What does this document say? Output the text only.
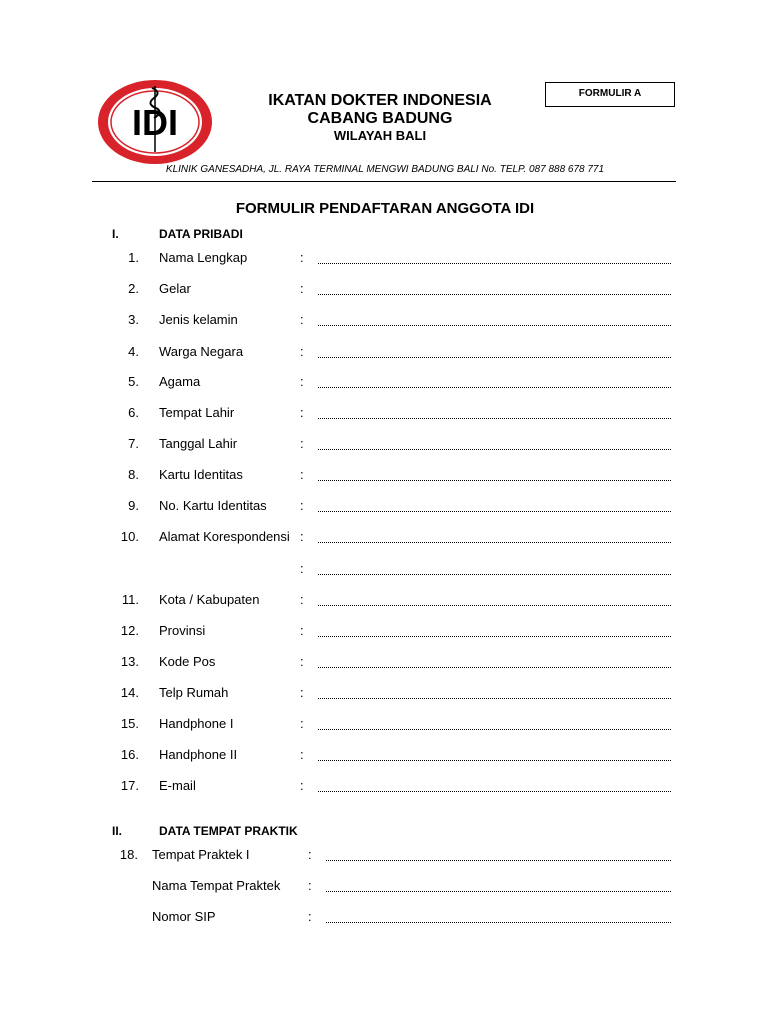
IDI
IKATAN DOKTER INDONESIA
CABANG BADUNG
WILAYAH BALI
FORMULIR A
KLINIK GANESADHA, JL. RAYA TERMINAL MENGWI BADUNG BALI No. TELP. 087 888 678 771
FORMULIR PENDAFTARAN ANGGOTA IDI
I.	DATA PRIBADI
1. Nama Lengkap	:
2. Gelar	:
3. Jenis kelamin	:
4. Warga Negara	:
5. Agama	:
6. Tempat Lahir	:
7. Tanggal Lahir	:
8. Kartu Identitas	:
9. No. Kartu Identitas	:
10. Alamat Korespondensi :
:
11. Kota / Kabupaten	:
12. Provinsi	:
13. Kode Pos	:
14. Telp Rumah	:
15. Handphone I	:
16. Handphone II	:
17. E-mail	:
II.	DATA TEMPAT PRAKTIK
18. Tempat Praktek I	:
Nama Tempat Praktek	:
Nomor SIP	:
